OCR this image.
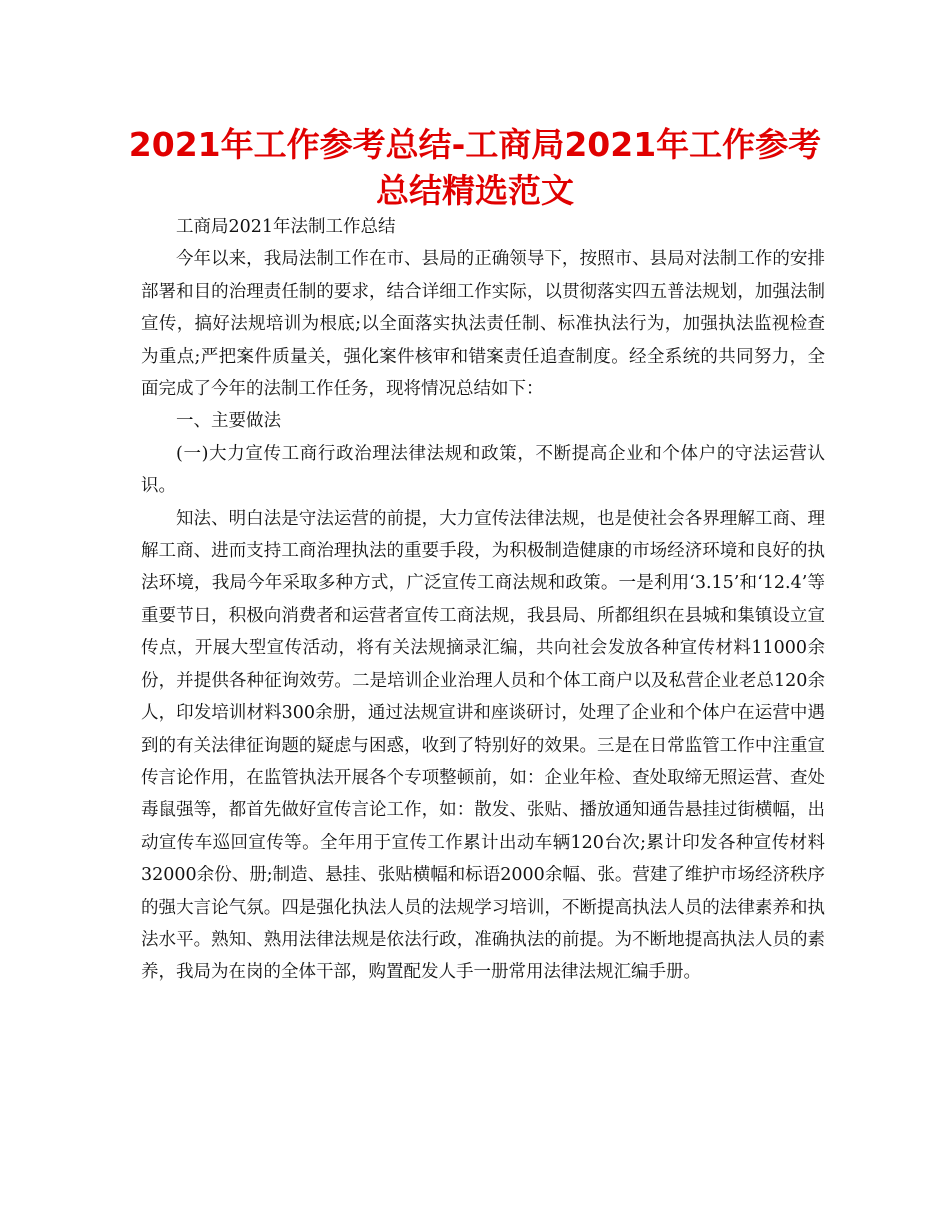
2021年工作参考总结-工商局2021年工作参考总结精选范文

工商局2021年法制工作总结

今年以来，我局法制工作在市、县局的正确领导下，按照市、县局对法制工作的安排部署和目的治理责任制的要求，结合详细工作实际，以贯彻落实四五普法规划，加强法制宣传，搞好法规培训为根底;以全面落实执法责任制、标准执法行为，加强执法监视检查为重点;严把案件质量关，强化案件核审和错案责任追查制度。经全系统的共同努力，全面完成了今年的法制工作任务，现将情况总结如下：

一、主要做法

(一)大力宣传工商行政治理法律法规和政策，不断提高企业和个体户的守法运营认识。

知法、明白法是守法运营的前提，大力宣传法律法规，也是使社会各界理解工商、理解工商、进而支持工商治理执法的重要手段，为积极制造健康的市场经济环境和良好的执法环境，我局今年采取多种方式，广泛宣传工商法规和政策。一是利用‘3.15’和‘12.4’等重要节日，积极向消费者和运营者宣传工商法规，我县局、所都组织在县城和集镇设立宣传点，开展大型宣传活动，将有关法规摘录汇编，共向社会发放各种宣传材料11000余份，并提供各种征询效劳。二是培训企业治理人员和个体工商户以及私营企业老总120余人，印发培训材料300余册，通过法规宣讲和座谈研讨，处理了企业和个体户在运营中遇到的有关法律征询题的疑虑与困惑，收到了特别好的效果。三是在日常监管工作中注重宣传言论作用，在监管执法开展各个专项整顿前，如：企业年检、查处取缔无照运营、查处毒鼠强等，都首先做好宣传言论工作，如：散发、张贴、播放通知通告悬挂过街横幅，出动宣传车巡回宣传等。全年用于宣传工作累计出动车辆120台次;累计印发各种宣传材料32000余份、册;制造、悬挂、张贴横幅和标语2000余幅、张。营建了维护市场经济秩序的强大言论气氛。四是强化执法人员的法规学习培训，不断提高执法人员的法律素养和执法水平。熟知、熟用法律法规是依法行政，准确执法的前提。为不断地提高执法人员的素养，我局为在岗的全体干部，购置配发人手一册常用法律法规汇编手册。
